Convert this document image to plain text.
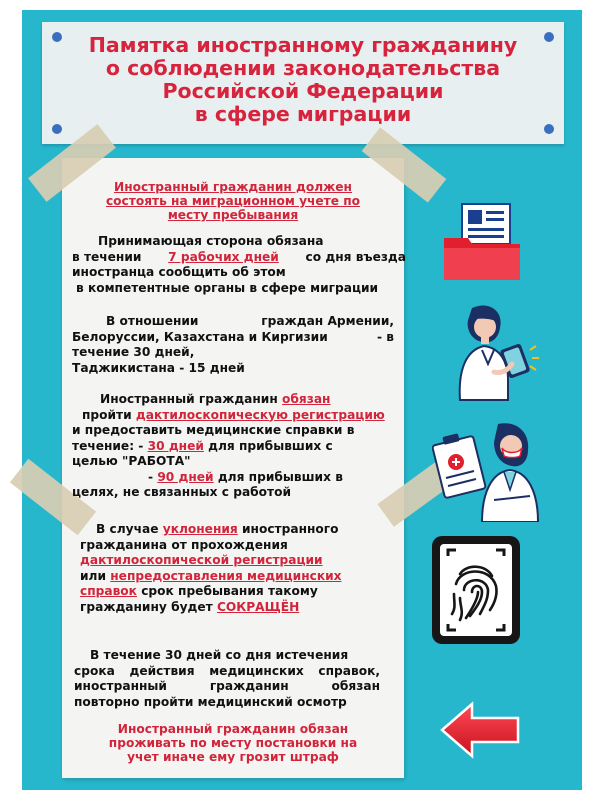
Памятка иностранному гражданину
о соблюдении законодательства
Российской Федерации
в сфере миграции
Иностранный гражданин должен
состоять на миграционном учете по
месту пребывания
Принимающая сторона обязана
в течении 7 рабочих дней со дня въезда
иностранца сообщить об этом
в компетентные органы в сфере миграции
В отношении	граждан Армении,
Белоруссии, Казахстана и Киргизии	- в
течение 30 дней,
Таджикистана - 15 дней
Иностранный гражданин обязан
пройти дактилоскопическую регистрацию
и предоставить медицинские справки в
течение: - 30 дней для прибывших с
целью "РАБОТА"
- 90 дней для прибывших в
целях, не связанных с работой
В случае уклонения иностранного
гражданина от прохождения
дактилоскопической регистрации
или непредоставления медицинских
справок срок пребывания такому
гражданину будет СОКРАЩЁН
В течение 30 дней со дня истечения
срока действия медицинских справок,
иностранный гражданин обязан
повторно пройти медицинский осмотр
Иностранный гражданин обязан
проживать по месту постановки на
учет иначе ему грозит штраф
